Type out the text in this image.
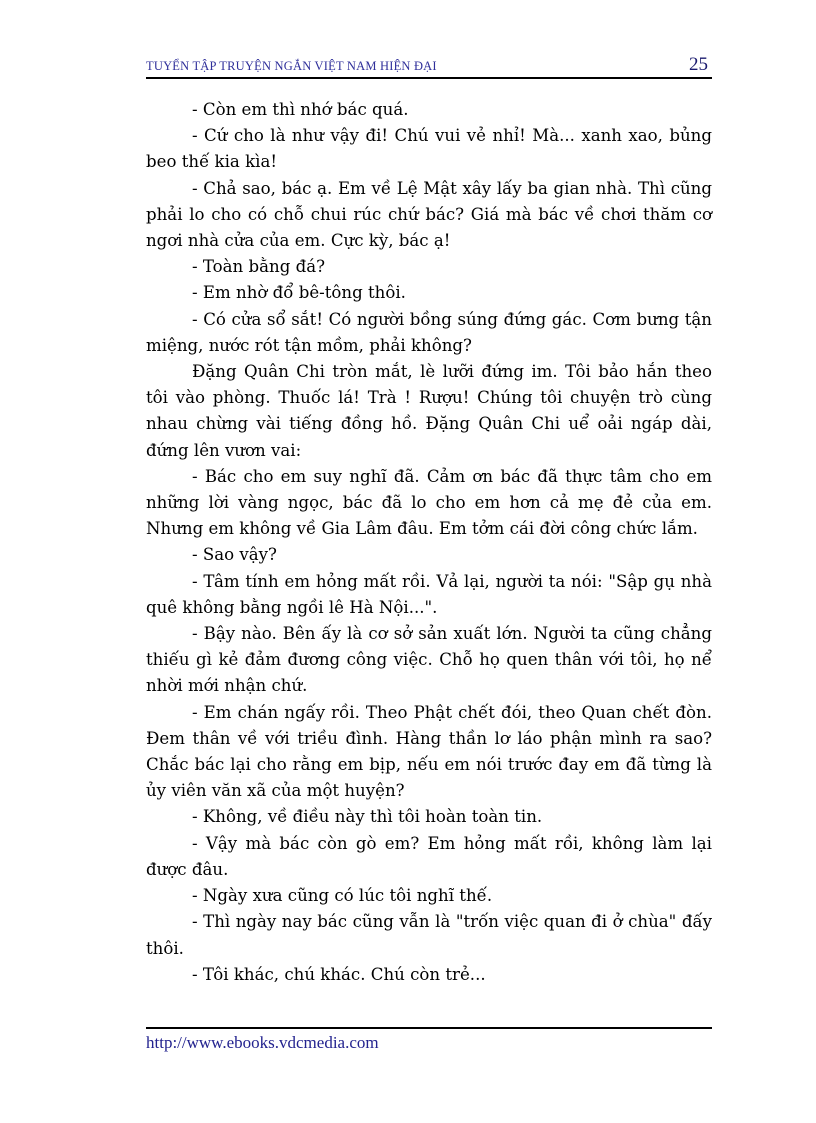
TUYỂN TẬP TRUYỆN NGẮN VIỆT NAM HIỆN ĐẠI	25

- Còn em thì nhớ bác quá.

- Cứ cho là như vậy đi! Chú vui vẻ nhỉ! Mà... xanh xao, bủng beo thế kia kìa!

- Chả sao, bác ạ. Em về Lệ Mật xây lấy ba gian nhà. Thì cũng phải lo cho có chỗ chui rúc chứ bác? Giá mà bác về chơi thăm cơ ngơi nhà cửa của em. Cực kỳ, bác ạ!

- Toàn bằng đá?

- Em nhờ đổ bê-tông thôi.

- Có cửa sổ sắt! Có người bồng súng đứng gác. Cơm bưng tận miệng, nước rót tận mồm, phải không?

Đặng Quân Chi tròn mắt, lè lưỡi đứng im. Tôi bảo hắn theo tôi vào phòng. Thuốc lá! Trà ! Rượu! Chúng tôi chuyện trò cùng nhau chừng vài tiếng đồng hồ. Đặng Quân Chi uể oải ngáp dài, đứng lên vươn vai:

- Bác cho em suy nghĩ đã. Cảm ơn bác đã thực tâm cho em những lời vàng ngọc, bác đã lo cho em hơn cả mẹ đẻ của em. Nhưng em không về Gia Lâm đâu. Em tởm cái đời công chức lắm.

- Sao vậy?

- Tâm tính em hỏng mất rồi. Vả lại, người ta nói: "Sập gụ nhà quê không bằng ngồi lê Hà Nội...".

- Bậy nào. Bên ấy là cơ sở sản xuất lớn. Người ta cũng chẳng thiếu gì kẻ đảm đương công việc. Chỗ họ quen thân với tôi, họ nể nhời mới nhận chứ.

- Em chán ngấy rồi. Theo Phật chết đói, theo Quan chết đòn. Đem thân về với triều đình. Hàng thần lơ láo phận mình ra sao? Chắc bác lại cho rằng em bịp, nếu em nói trước đay em đã từng là ủy viên văn xã của một huyện?

- Không, về điều này thì tôi hoàn toàn tin.

- Vậy mà bác còn gò em? Em hỏng mất rồi, không làm lại được đâu.

- Ngày xưa cũng có lúc tôi nghĩ thế.

- Thì ngày nay bác cũng vẫn là "trốn việc quan đi ở chùa" đấy thôi.

- Tôi khác, chú khác. Chú còn trẻ...

http://www.ebooks.vdcmedia.com
